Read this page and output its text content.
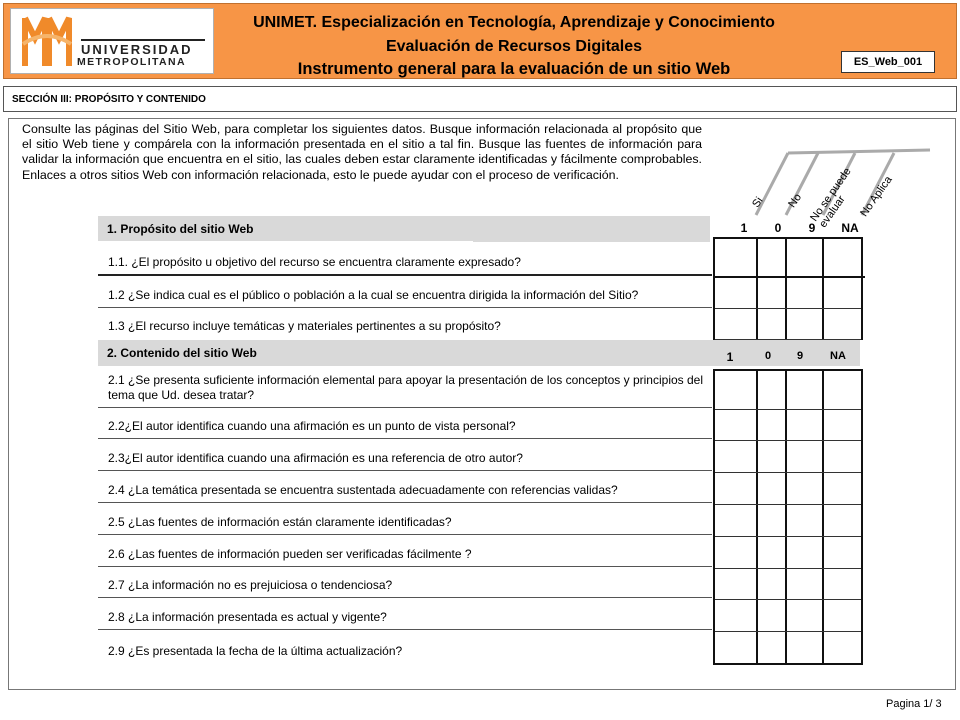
UNIVERSIDAD
METROPOLITANA
UNIMET. Especialización en Tecnología, Aprendizaje y Conocimiento
Evaluación de Recursos Digitales
Instrumento general para la evaluación de un sitio Web	ES_Web_001
SECCIÓN III: PROPÓSITO Y CONTENIDO
Consulte las páginas del Sitio Web, para completar los siguientes datos. Busque información relacionada al propósito que el sitio Web tiene y compárela con la información presentada en el sitio a tal fin. Busque las fuentes de información para validar la información que encuentra en el sitio, las cuales deben estar claramente identificadas y fácilmente comprobables. Enlaces a otros sitios Web con información relacionada, esto le puede ayudar con el proceso de verificación.
Si No No se puede evaluar No Aplica
1. Propósito del sitio Web	1	0	9	NA
1.1. ¿El propósito u objetivo del recurso se encuentra claramente expresado?
1.2 ¿Se indica cual es el público o población a la cual se encuentra dirigida la información del Sitio?
1.3 ¿El recurso incluye temáticas y materiales pertinentes a su propósito?
2. Contenido del sitio Web	1	0	9	NA
2.1 ¿Se presenta suficiente información elemental para apoyar la presentación de los conceptos y principios del tema que Ud. desea tratar?
2.2¿El autor identifica cuando una afirmación es un punto de vista personal?
2.3¿El autor identifica cuando una afirmación es una referencia de otro autor?
2.4 ¿La temática presentada se encuentra sustentada adecuadamente con referencias validas?
2.5 ¿Las fuentes de información están claramente identificadas?
2.6 ¿Las fuentes de información pueden ser verificadas fácilmente ?
2.7 ¿La información no es prejuiciosa o tendenciosa?
2.8 ¿La información presentada es actual y vigente?
2.9 ¿Es presentada la fecha de la última actualización?
Pagina 1/ 3
